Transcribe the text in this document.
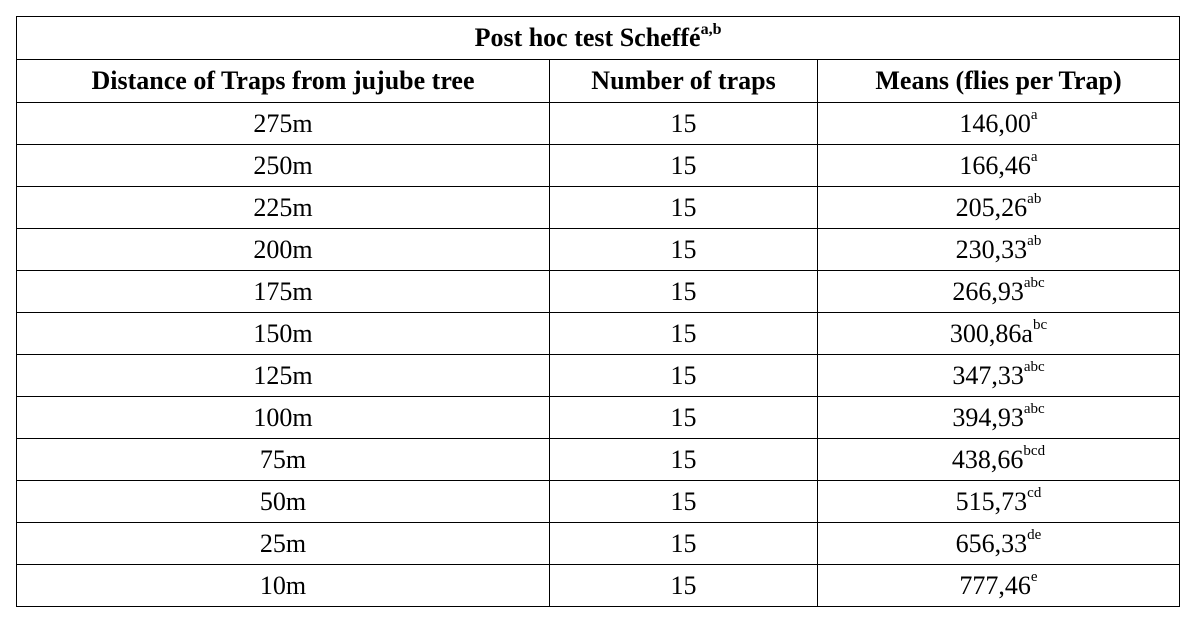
Post hoc test Scheffé$^{a,b}$
Distance of Traps from jujube tree	Number of traps	Means (flies per Trap)
275m	15	146,00$^a$
250m	15	166,46$^a$
225m	15	205,26$^{ab}$
200m	15	230,33$^{ab}$
175m	15	266,93$^{abc}$
150m	15	$300,86a^{bc}$
125m	15	347,33$^{abc}$
100m	15	394,93$^{abc}$
75m	15	438,66$^{bcd}$
50m	15	515,73$^{cd}$
25m	15	656,33de
10m	15	777,46e
